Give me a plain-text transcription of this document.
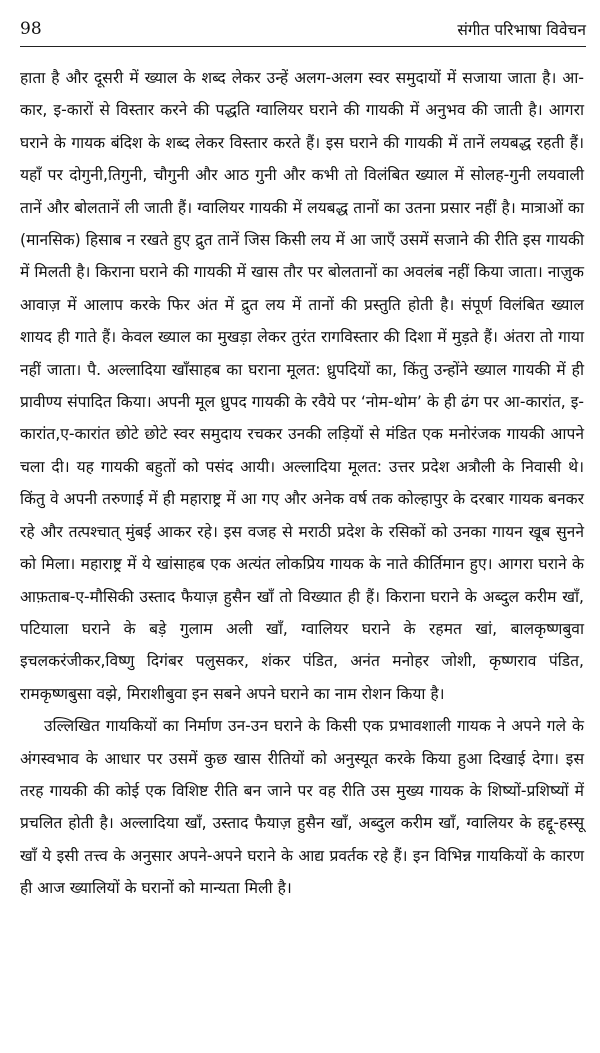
98	संगीत परिभाषा विवेचन

हाता है और दूसरी में ख्याल के शब्द लेकर उन्हें अलग-अलग स्वर समुदायों में सजाया जाता है। आ-कार, इ-कारों से विस्तार करने की पद्धति ग्वालियर घराने की गायकी में अनुभव की जाती है। आगरा घराने के गायक बंदिश के शब्द लेकर विस्तार करते हैं। इस घराने की गायकी में तानें लयबद्ध रहती हैं। यहाँ पर दोगुनी,तिगुनी, चौगुनी और आठ गुनी और कभी तो विलंबित ख्याल में सोलह-गुनी लयवाली तानें और बोलतानें ली जाती हैं। ग्वालियर गायकी में लयबद्ध तानों का उतना प्रसार नहीं है। मात्राओं का (मानसिक) हिसाब न रखते हुए द्रुत तानें जिस किसी लय में आ जाएँ उसमें सजाने की रीति इस गायकी में मिलती है। किराना घराने की गायकी में खास तौर पर बोलतानों का अवलंब नहीं किया जाता। नाज़ुक आवाज़ में आलाप करके फिर अंत में द्रुत लय में तानों की प्रस्तुति होती है। संपूर्ण विलंबित ख्याल शायद ही गाते हैं। केवल ख्याल का मुखड़ा लेकर तुरंत रागविस्तार की दिशा में मुड़ते हैं। अंतरा तो गाया नहीं जाता। पै. अल्लादिया खाँसाहब का घराना मूलत: ध्रुपदियों का, किंतु उन्होंने ख्याल गायकी में ही प्रावीण्य संपादित किया। अपनी मूल ध्रुपद गायकी के रवैये पर ‘नोम-थोम’ के ही ढंग पर आ-कारांत, इ-कारांत,ए-कारांत छोटे छोटे स्वर समुदाय रचकर उनकी लड़ियों से मंडित एक मनोरंजक गायकी आपने चला दी। यह गायकी बहुतों को पसंद आयी। अल्लादिया मूलत: उत्तर प्रदेश अत्रौली के निवासी थे। किंतु वे अपनी तरुणाई में ही महाराष्ट्र में आ गए और अनेक वर्ष तक कोल्हापुर के दरबार गायक बनकर रहे और तत्पश्चात् मुंबई आकर रहे। इस वजह से मराठी प्रदेश के रसिकों को उनका गायन खूब सुनने को मिला। महाराष्ट्र में ये खांसाहब एक अत्यंत लोकप्रिय गायक के नाते कीर्तिमान हुए। आगरा घराने के आफ़ताब-ए-मौसिकी उस्ताद फैयाज़ हुसैन खाँ तो विख्यात ही हैं। किराना घराने के अब्दुल करीम खाँ, पटियाला घराने के बड़े गुलाम अली खाँ, ग्वालियर घराने के रहमत खां, बालकृष्णबुवा इचलकरंजीकर,विष्णु दिगंबर पलुसकर, शंकर पंडित, अनंत मनोहर जोशी, कृष्णराव पंडित, रामकृष्णबुसा वझे, मिराशीबुवा इन सबने अपने घराने का नाम रोशन किया है।

उल्लिखित गायकियों का निर्माण उन-उन घराने के किसी एक प्रभावशाली गायक ने अपने गले के अंगस्वभाव के आधार पर उसमें कुछ खास रीतियों को अनुस्यूत करके किया हुआ दिखाई देगा। इस तरह गायकी की कोई एक विशिष्ट रीति बन जाने पर वह रीति उस मुख्य गायक के शिष्यों-प्रशिष्यों में प्रचलित होती है। अल्लादिया खाँ, उस्ताद फैयाज़ हुसैन खाँ, अब्दुल करीम खाँ, ग्वालियर के हद्दू-हस्सू खाँ ये इसी तत्त्व के अनुसार अपने-अपने घराने के आद्य प्रवर्तक रहे हैं। इन विभिन्न गायकियों के कारण ही आज ख्यालियों के घरानों को मान्यता मिली है।
